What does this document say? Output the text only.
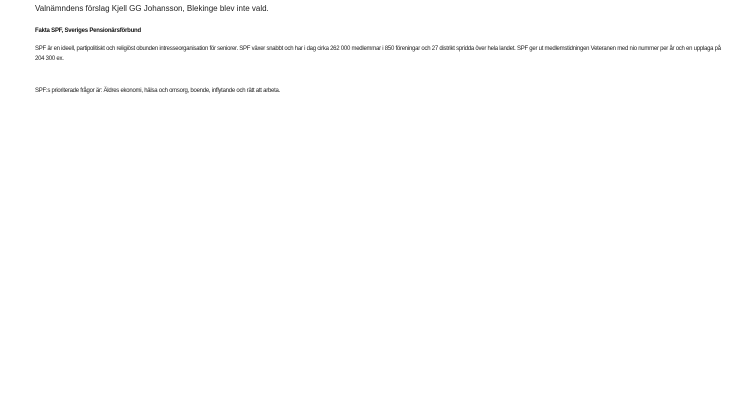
Valnämndens förslag Kjell GG Johansson, Blekinge blev inte vald.
Fakta SPF, Sveriges Pensionärsförbund
SPF är en ideell, partipolitiskt och religiöst obunden intresseorganisation för seniorer. SPF växer snabbt och har i dag cirka 262 000 medlemmar i 850 föreningar och 27 distrikt spridda över hela landet. SPF ger ut medlemstidningen Veteranen med nio nummer per år och en upplaga på 204 300 ex.
SPF:s prioriterade frågor är: Äldres ekonomi, hälsa och omsorg, boende, inflytande och rätt att arbeta.
